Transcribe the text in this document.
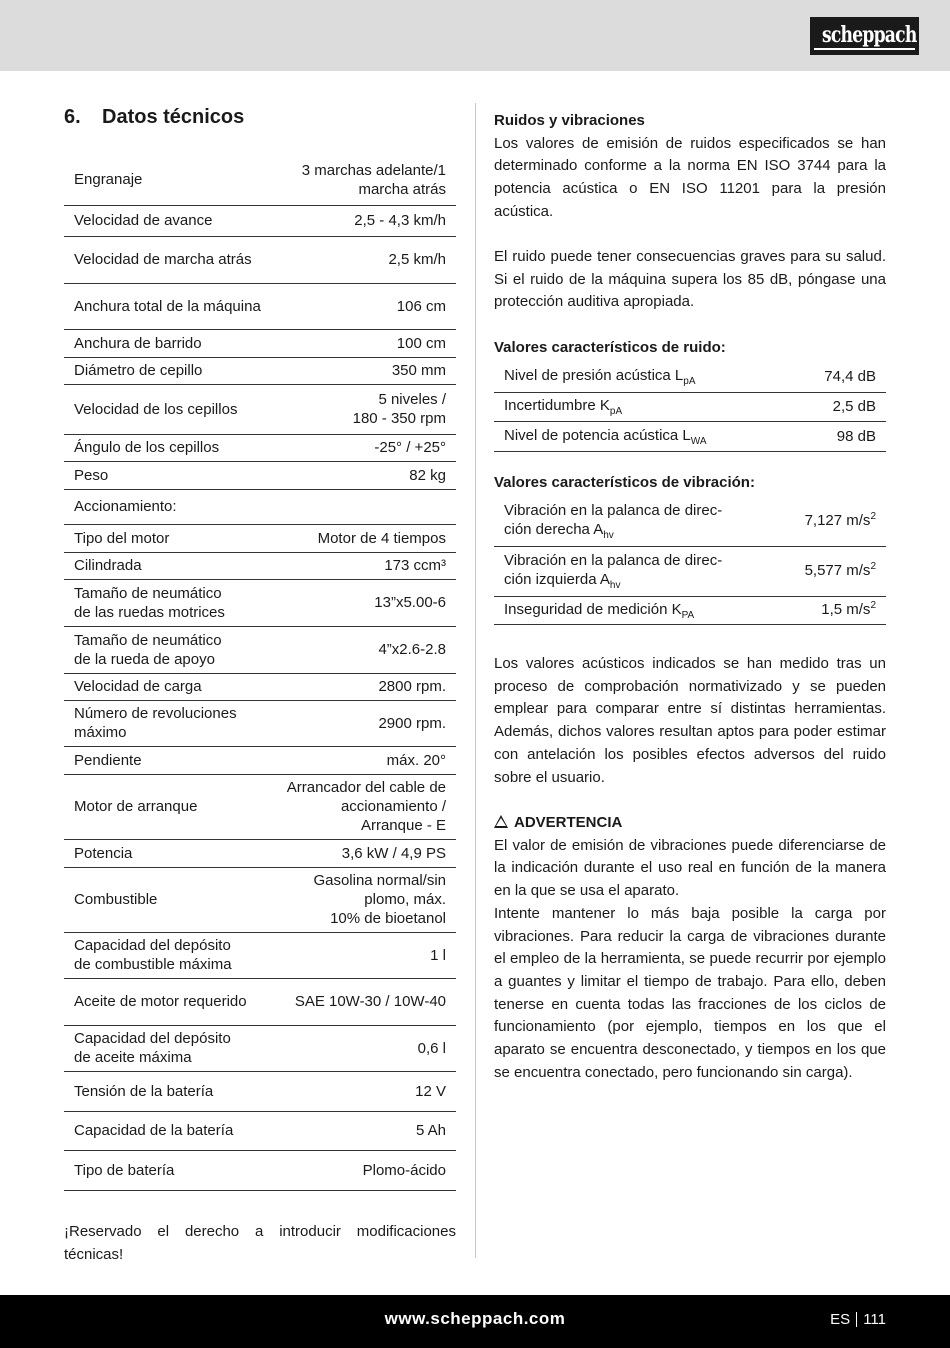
scheppach
6. Datos técnicos
Engranaje	3 marchas adelante/1 marcha atrás
Velocidad de avance	2,5 - 4,3 km/h
Velocidad de marcha atrás	2,5 km/h
Anchura total de la máquina	106 cm
Anchura de barrido	100 cm
Diámetro de cepillo	350 mm
Velocidad de los cepillos	5 niveles /
180 - 350 rpm
Ángulo de los cepillos	-25° / +25°
Peso	82 kg
Accionamiento:	
Tipo del motor	Motor de 4 tiempos
Cilindrada	173 ccm³
Tamaño de neumático
de las ruedas motrices	13”x5.00-6
Tamaño de neumático
de la rueda de apoyo	4”x2.6-2.8
Velocidad de carga	2800 rpm.
Número de revoluciones máximo	2900 rpm.
Pendiente	máx. 20°
Motor de arranque	Arrancador del cable de
accionamiento /
Arranque - E
Potencia	3,6 kW / 4,9 PS
Combustible	Gasolina normal/sin
plomo, máx.
10% de bioetanol
Capacidad del depósito
de combustible máxima	1 l
Aceite de motor requerido	SAE 10W-30 / 10W-40
Capacidad del depósito
de aceite máxima	0,6 l
Tensión de la batería	12 V
Capacidad de la batería	5 Ah
Tipo de batería	Plomo-ácido
¡Reservado el derecho a introducir modificaciones técnicas!

Ruidos y vibraciones

Los valores de emisión de ruidos especificados se han determinado conforme a la norma EN ISO 3744 para la potencia acústica o EN ISO 11201 para la presión acústica.

El ruido puede tener consecuencias graves para su salud. Si el ruido de la máquina supera los 85 dB, póngase una protección auditiva apropiada.
Valores característicos de ruido:
Nivel de presión acústica $L_{pA}$	74,4 dB
Incertidumbre $K_{pA}$	2,5 dB
Nivel de potencia acústica $L_{WA}$	98 dB
Valores característicos de vibración:
Vibración en la palanca de direc-
ción derecha $A_{hv}$	7,127 $m/s^2$
Vibración en la palanca de direc-
ción izquierda $A_{hv}$	5,577 $m/s^2$
Inseguridad de medición $K_{PA}$	1,5 $m/s^2$
Los valores acústicos indicados se han medido tras un proceso de comprobación normativizado y se pueden emplear para comparar entre sí distintas herramientas. Además, dichos valores resultan aptos para poder estimar con antelación los posibles efectos adversos del ruido sobre el usuario.

ADVERTENCIA

El valor de emisión de vibraciones puede diferenciarse de la indicación durante el uso real en función de la manera en la que se usa el aparato.

Intente mantener lo más baja posible la carga por vibraciones. Para reducir la carga de vibraciones durante el empleo de la herramienta, se puede recurrir por ejemplo a guantes y limitar el tiempo de trabajo. Para ello, deben tenerse en cuenta todas las fracciones de los ciclos de funcionamiento (por ejemplo, tiempos en los que el aparato se encuentra desconectado, y tiempos en los que se encuentra conectado, pero funcionando sin carga).

www.scheppach.com	ES 111
